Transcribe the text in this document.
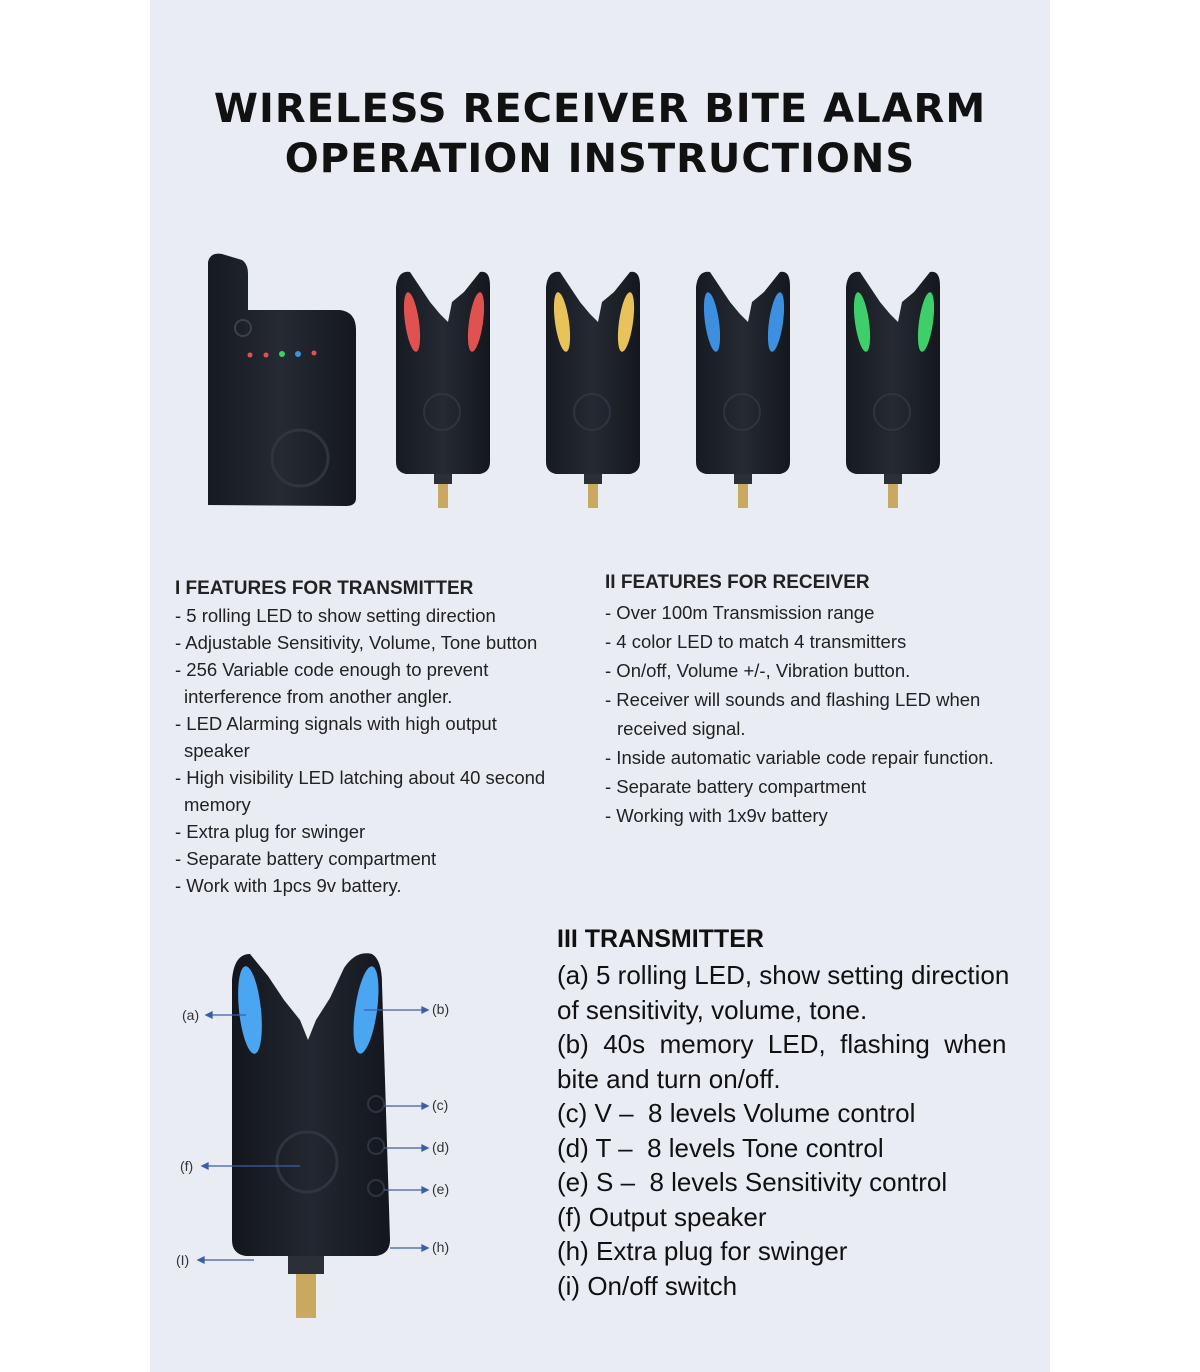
WIRELESS RECEIVER BITE ALARM
OPERATION INSTRUCTIONS
I FEATURES FOR TRANSMITTER
- 5 rolling LED to show setting direction
- Adjustable Sensitivity, Volume, Tone button
- 256 Variable code enough to prevent
interference from another angler.
- LED Alarming signals with high output
speaker
- High visibility LED latching about 40 second
memory
- Extra plug for swinger
- Separate battery compartment
- Work with 1pcs 9v battery.
II FEATURES FOR RECEIVER
- Over 100m Transmission range
- 4 color LED to match 4 transmitters
- On/off, Volume +/-, Vibration button.
- Receiver will sounds and flashing LED when
received signal.
- Inside automatic variable code repair function.
- Separate battery compartment
- Working with 1x9v battery
(a)	(b)
(c)
(d)
(e)
(f)
(h)
(I)
III TRANSMITTER
(a) 5 rolling LED, show setting direction
of sensitivity, volume, tone.
(b)  40s  memory  LED,  flashing  when
bite and turn on/off.
(c) V –  8 levels Volume control
(d) T –  8 levels Tone control
(e) S –  8 levels Sensitivity control
(f) Output speaker
(h) Extra plug for swinger
(i) On/off switch
